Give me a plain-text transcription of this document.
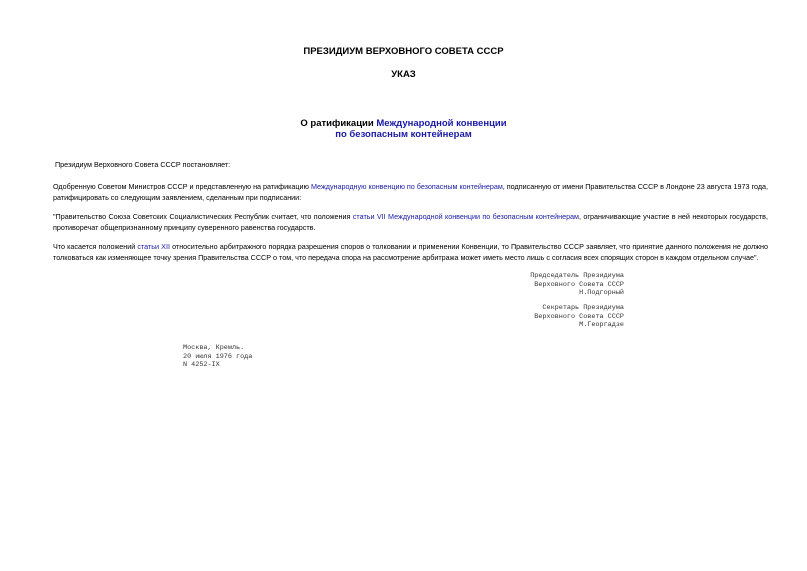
ПРЕЗИДИУМ ВЕРХОВНОГО СОВЕТА СССР
УКАЗ
О ратификации Международной конвенции
по безопасным контейнерам
Президиум Верховного Совета СССР постановляет:
Одобренную Советом Министров СССР и представленную на ратификацию Международную конвенцию по безопасным контейнерам, подписанную от имени Правительства СССР в Лондоне 23 августа 1973 года, ратифицировать со следующим заявлением, сделанным при подписании:
"Правительство Союза Советских Социалистических Республик считает, что положения статьи VII Международной конвенции по безопасным контейнерам, ограничивающие участие в ней некоторых государств, противоречат общепризнанному принципу суверенного равенства государств.
Что касается положений статьи XII относительно арбитражного порядка разрешения споров о толковании и применении Конвенции, то Правительство СССР заявляет, что принятие данного положения не должно толковаться как изменяющее точку зрения Правительства СССР о том, что передача спора на рассмотрение арбитража может иметь место лишь с согласия всех спорящих сторон в каждом отдельном случае".
Председатель Президиума
Верховного Совета СССР
Н.Подгорный
Секретарь Президиума
Верховного Совета СССР
М.Георгадзе
Москва, Кремль.
20 июля 1976 года
N 4252-IX
